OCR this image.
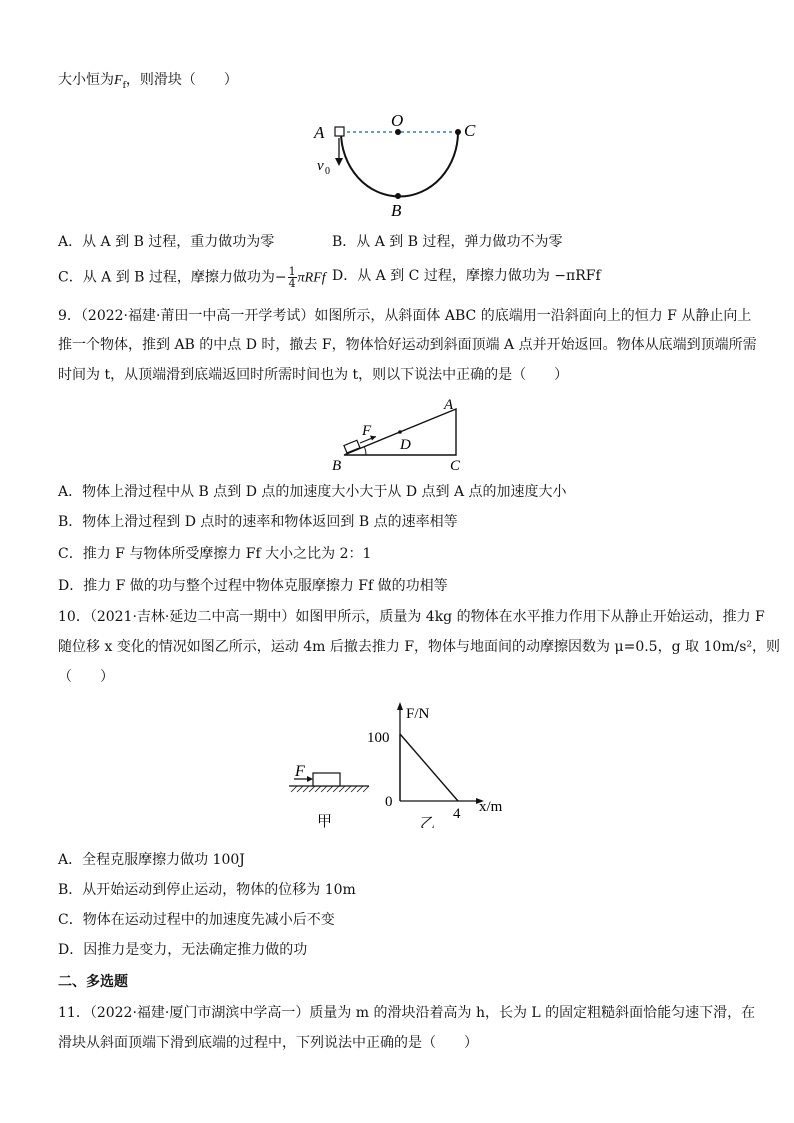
大小恒为$F_f$，则滑块（　　）
A
O
C
B
v 0
A．从 A 到 B 过程，重力做功为零	B．从 A 到 B 过程，弹力做功不为零
C．从 A 到 B 过程，摩擦力做功为− $\frac{1}{4}$ πRFf D．从 A 到 C 过程，摩擦力做功为 −πRFf
9．（2022·福建·莆田一中高一开学考试）如图所示，从斜面体 ABC 的底端用一沿斜面向上的恒力 F 从静止向上
推一个物体，推到 AB 的中点 D 时，撤去 F，物体恰好运动到斜面顶端 A 点并开始返回。物体从底端到顶端所需
时间为 t，从顶端滑到底端返回时所需时间也为 t，则以下说法中正确的是（　　）
A
F
D
B	C
A．物体上滑过程中从 B 点到 D 点的加速度大小大于从 D 点到 A 点的加速度大小
B．物体上滑过程到 D 点时的速率和物体返回到 B 点的速率相等
C．推力 F 与物体所受摩擦力 Ff 大小之比为 2：1
D．推力 F 做的功与整个过程中物体克服摩擦力 Ff 做的功相等
10．（2021·吉林·延边二中高一期中）如图甲所示，质量为 4kg 的物体在水平推力作用下从静止开始运动，推力 F
随位移 x 变化的情况如图乙所示，运动 4m 后撤去推力 F，物体与地面间的动摩擦因数为 μ=0.5，g 取 10m/s²，则
（　　）
F
甲
F/N
x/m
100
0
4
乙
A．全程克服摩擦力做功 100J
B．从开始运动到停止运动，物体的位移为 10m
C．物体在运动过程中的加速度先减小后不变
D．因推力是变力，无法确定推力做的功
二、多选题
11．（2022·福建·厦门市湖滨中学高一）质量为 m 的滑块沿着高为 h，长为 L 的固定粗糙斜面恰能匀速下滑，在
滑块从斜面顶端下滑到底端的过程中，下列说法中正确的是（　　）
